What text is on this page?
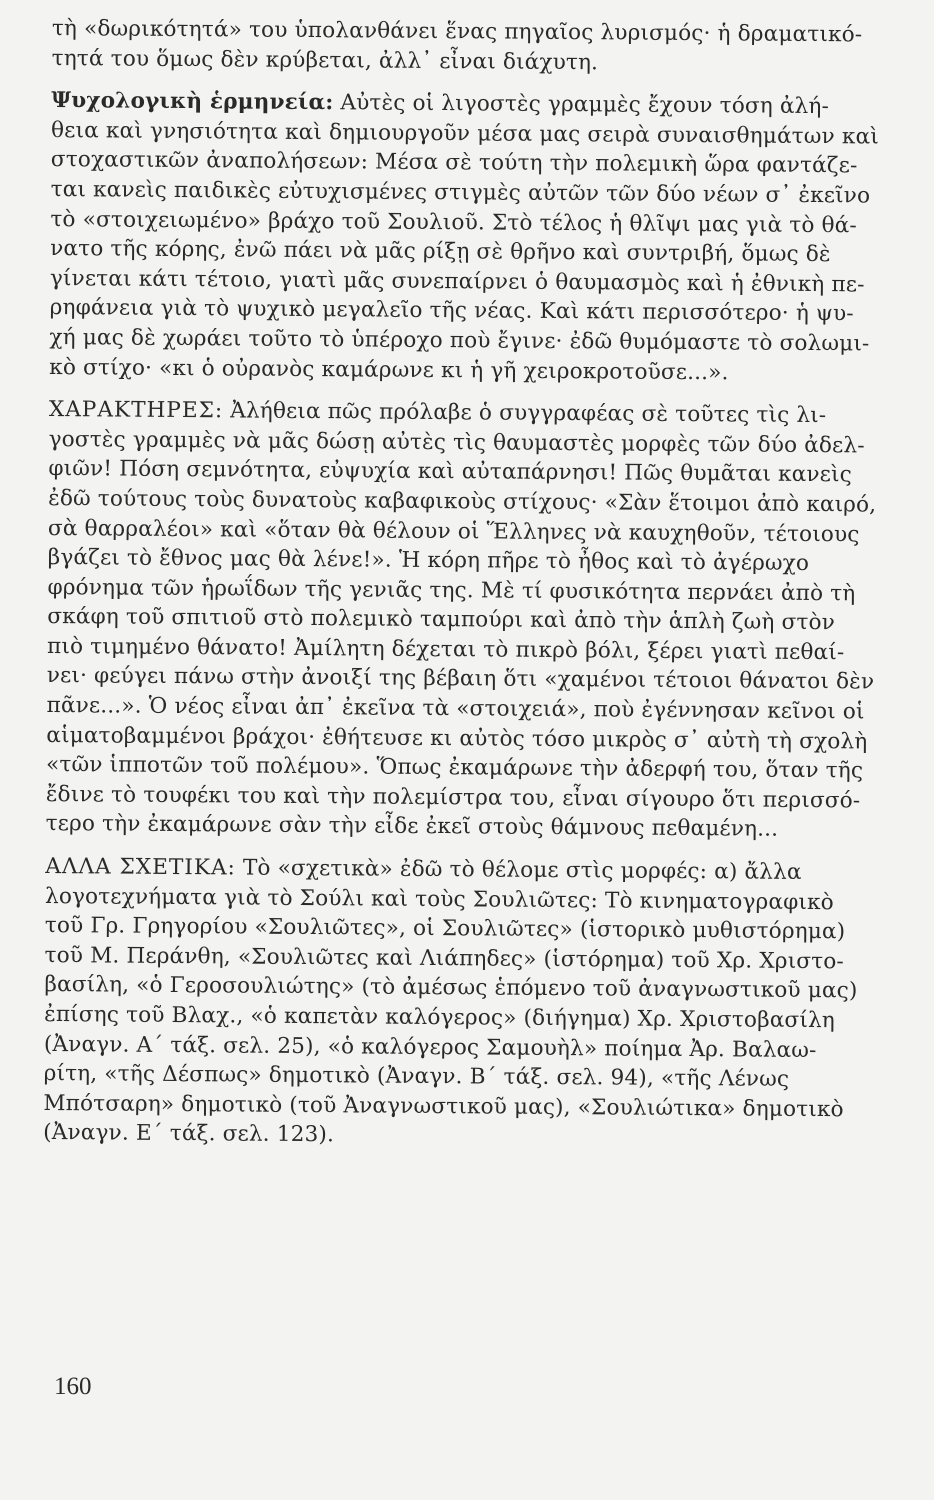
τὴ «δωρικότητά» του ὑπολανθάνει ἕνας πηγαῖος λυρισμός· ἡ δραματικό-
τητά του ὅμως δὲν κρύβεται, ἀλλ᾿ εἶναι διάχυτη.

Ψυχολογικὴ ἑρμηνεία: Αὐτὲς οἱ λιγοστὲς γραμμὲς ἔχουν τόση ἀλή-
θεια καὶ γνησιότητα καὶ δημιουργοῦν μέσα μας σειρὰ συναισθημάτων καὶ
στοχαστικῶν ἀναπολήσεων: Μέσα σὲ τούτη τὴν πολεμικὴ ὥρα φαντάζε-
ται κανεὶς παιδικὲς εὐτυχισμένες στιγμὲς αὐτῶν τῶν δύο νέων σ᾿ ἐκεῖνο
τὸ «στοιχειωμένο» βράχο τοῦ Σουλιοῦ. Στὸ τέλος ἡ θλῖψι μας γιὰ τὸ θά-
νατο τῆς κόρης, ἐνῶ πάει νὰ μᾶς ρίξῃ σὲ θρῆνο καὶ συντριβή, ὅμως δὲ
γίνεται κάτι τέτοιο, γιατὶ μᾶς συνεπαίρνει ὁ θαυμασμὸς καὶ ἡ ἐθνικὴ πε-
ρηφάνεια γιὰ τὸ ψυχικὸ μεγαλεῖο τῆς νέας. Καὶ κάτι περισσότερο· ἡ ψυ-
χή μας δὲ χωράει τοῦτο τὸ ὑπέροχο ποὺ ἔγινε· ἐδῶ θυμόμαστε τὸ σολωμι-
κὸ στίχο· «κι ὁ οὐρανὸς καμάρωνε κι ἡ γῆ χειροκροτοῦσε...».

ΧΑΡΑΚΤΗΡΕΣ: Ἀλήθεια πῶς πρόλαβε ὁ συγγραφέας σὲ τοῦτες τὶς λι-
γοστὲς γραμμὲς νὰ μᾶς δώσῃ αὐτὲς τὶς θαυμαστὲς μορφὲς τῶν δύο ἀδελ-
φιῶν! Πόση σεμνότητα, εὐψυχία καὶ αὐταπάρνησι! Πῶς θυμᾶται κανεὶς
ἐδῶ τούτους τοὺς δυνατοὺς καβαφικοὺς στίχους· «Σὰν ἕτοιμοι ἀπὸ καιρό,
σὰ θαρραλέοι» καὶ «ὅταν θὰ θέλουν οἱ Ἕλληνες νὰ καυχηθοῦν, τέτοιους
βγάζει τὸ ἔθνος μας θὰ λένε!». Ἡ κόρη πῆρε τὸ ἦθος καὶ τὸ ἀγέρωχο
φρόνημα τῶν ἡρωΐδων τῆς γενιᾶς της. Μὲ τί φυσικότητα περνάει ἀπὸ τὴ
σκάφη τοῦ σπιτιοῦ στὸ πολεμικὸ ταμπούρι καὶ ἀπὸ τὴν ἁπλὴ ζωὴ στὸν
πιὸ τιμημένο θάνατο! Ἀμίλητη δέχεται τὸ πικρὸ βόλι, ξέρει γιατὶ πεθαί-
νει· φεύγει πάνω στὴν ἀνοιξί της βέβαιη ὅτι «χαμένοι τέτοιοι θάνατοι δὲν
πᾶνε...». Ὁ νέος εἶναι ἀπ᾿ ἐκεῖνα τὰ «στοιχειά», ποὺ ἐγέννησαν κεῖνοι οἱ
αἱματοβαμμένοι βράχοι· ἐθήτευσε κι αὐτὸς τόσο μικρὸς σ᾿ αὐτὴ τὴ σχολὴ
«τῶν ἱπποτῶν τοῦ πολέμου». Ὅπως ἐκαμάρωνε τὴν ἀδερφή του, ὅταν τῆς
ἔδινε τὸ τουφέκι του καὶ τὴν πολεμίστρα του, εἶναι σίγουρο ὅτι περισσό-
τερο τὴν ἐκαμάρωνε σὰν τὴν εἶδε ἐκεῖ στοὺς θάμνους πεθαμένη...

ΑΛΛΑ ΣΧΕΤΙΚΑ: Τὸ «σχετικὰ» ἐδῶ τὸ θέλομε στὶς μορφές: α) ἄλλα
λογοτεχνήματα γιὰ τὸ Σούλι καὶ τοὺς Σουλιῶτες: Τὸ κινηματογραφικὸ
τοῦ Γρ. Γρηγορίου «Σουλιῶτες», οἱ Σουλιῶτες» (ἱστορικὸ μυθιστόρημα)
τοῦ Μ. Περάνθη, «Σουλιῶτες καὶ Λιάπηδες» (ἱστόρημα) τοῦ Χρ. Χριστο-
βασίλη, «ὁ Γεροσουλιώτης» (τὸ ἀμέσως ἑπόμενο τοῦ ἀναγνωστικοῦ μας)
ἐπίσης τοῦ Βλαχ., «ὁ καπετὰν καλόγερος» (διήγημα) Χρ. Χριστοβασίλη
(Ἀναγν. Α΄ τάξ. σελ. 25), «ὁ καλόγερος Σαμουὴλ» ποίημα Ἀρ. Βαλαω-
ρίτη, «τῆς Δέσπως» δημοτικὸ (Ἀναγν. Β΄ τάξ. σελ. 94), «τῆς Λένως
Μπότσαρη» δημοτικὸ (τοῦ Ἀναγνωστικοῦ μας), «Σουλιώτικα» δημοτικὸ
(Ἀναγν. Ε΄ τάξ. σελ. 123).

160
